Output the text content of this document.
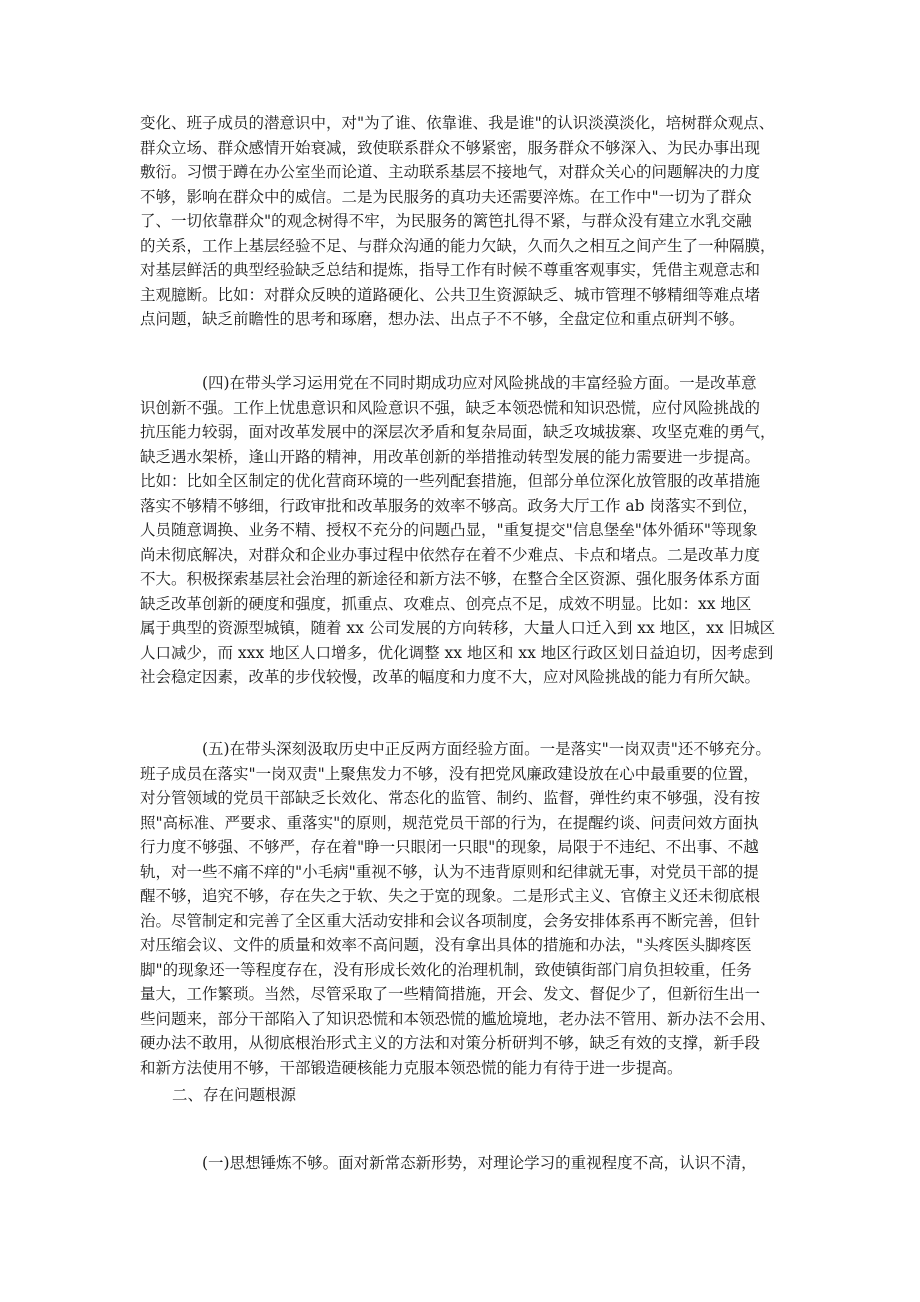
变化、班子成员的潜意识中，对"为了谁、依靠谁、我是谁"的认识淡漠淡化，培树群众观点、
群众立场、群众感情开始衰减，致使联系群众不够紧密，服务群众不够深入、为民办事出现
敷衍。习惯于蹲在办公室坐而论道、主动联系基层不接地气，对群众关心的问题解决的力度
不够，影响在群众中的威信。二是为民服务的真功夫还需要淬炼。在工作中"一切为了群众
了、一切依靠群众"的观念树得不牢，为民服务的篱笆扎得不紧，与群众没有建立水乳交融
的关系，工作上基层经验不足、与群众沟通的能力欠缺，久而久之相互之间产生了一种隔膜，
对基层鲜活的典型经验缺乏总结和提炼，指导工作有时候不尊重客观事实，凭借主观意志和
主观臆断。比如：对群众反映的道路硬化、公共卫生资源缺乏、城市管理不够精细等难点堵
点问题，缺乏前瞻性的思考和琢磨，想办法、出点子不不够，全盘定位和重点研判不够。
(四)在带头学习运用党在不同时期成功应对风险挑战的丰富经验方面。一是改革意
识创新不强。工作上忧患意识和风险意识不强，缺乏本领恐慌和知识恐慌，应付风险挑战的
抗压能力较弱，面对改革发展中的深层次矛盾和复杂局面，缺乏攻城拔寨、攻坚克难的勇气，
缺乏遇水架桥，逢山开路的精神，用改革创新的举措推动转型发展的能力需要进一步提高。
比如：比如全区制定的优化营商环境的一些列配套措施，但部分单位深化放管服的改革措施
落实不够精不够细，行政审批和改革服务的效率不够高。政务大厅工作 ab 岗落实不到位，
人员随意调换、业务不精、授权不充分的问题凸显，"重复提交"信息堡垒"体外循环"等现象
尚未彻底解决，对群众和企业办事过程中依然存在着不少难点、卡点和堵点。二是改革力度
不大。积极探索基层社会治理的新途径和新方法不够，在整合全区资源、强化服务体系方面
缺乏改革创新的硬度和强度，抓重点、攻难点、创亮点不足，成效不明显。比如：xx 地区
属于典型的资源型城镇，随着 xx 公司发展的方向转移，大量人口迁入到 xx 地区，xx 旧城区
人口减少，而 xxx 地区人口增多，优化调整 xx 地区和 xx 地区行政区划日益迫切，因考虑到
社会稳定因素，改革的步伐较慢，改革的幅度和力度不大，应对风险挑战的能力有所欠缺。
(五)在带头深刻汲取历史中正反两方面经验方面。一是落实"一岗双责"还不够充分。
班子成员在落实"一岗双责"上聚焦发力不够，没有把党风廉政建设放在心中最重要的位置，
对分管领域的党员干部缺乏长效化、常态化的监管、制约、监督，弹性约束不够强，没有按
照"高标准、严要求、重落实"的原则，规范党员干部的行为，在提醒约谈、问责问效方面执
行力度不够强、不够严，存在着"睁一只眼闭一只眼"的现象，局限于不违纪、不出事、不越
轨，对一些不痛不痒的"小毛病"重视不够，认为不违背原则和纪律就无事，对党员干部的提
醒不够，追究不够，存在失之于软、失之于宽的现象。二是形式主义、官僚主义还未彻底根
治。尽管制定和完善了全区重大活动安排和会议各项制度，会务安排体系再不断完善，但针
对压缩会议、文件的质量和效率不高问题，没有拿出具体的措施和办法，"头疼医头脚疼医
脚"的现象还一等程度存在，没有形成长效化的治理机制，致使镇街部门肩负担较重，任务
量大，工作繁琐。当然，尽管采取了一些精简措施，开会、发文、督促少了，但新衍生出一
些问题来，部分干部陷入了知识恐慌和本领恐慌的尴尬境地，老办法不管用、新办法不会用、
硬办法不敢用，从彻底根治形式主义的方法和对策分析研判不够，缺乏有效的支撑，新手段
和新方法使用不够，干部锻造硬核能力克服本领恐慌的能力有待于进一步提高。
二、存在问题根源
(一)思想锤炼不够。面对新常态新形势，对理论学习的重视程度不高，认识不清，
